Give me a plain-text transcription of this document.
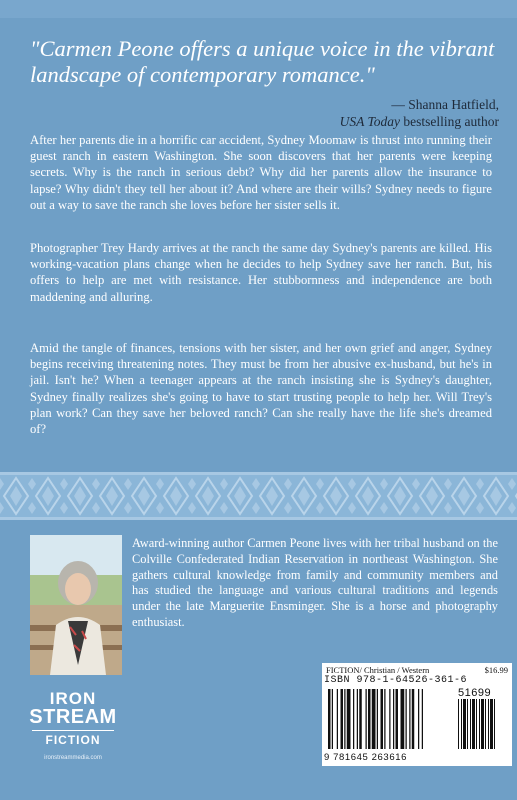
"Carmen Peone offers a unique voice in the vibrant landscape of contemporary romance."
— Shanna Hatfield,
USA Today bestselling author

After her parents die in a horrific car accident, Sydney Moomaw is thrust into running their guest ranch in eastern Washington. She soon discovers that her parents were keeping secrets. Why is the ranch in serious debt? Why did her parents allow the insurance to lapse? Why didn't they tell her about it? And where are their wills? Sydney needs to figure out a way to save the ranch she loves before her sister sells it.

Photographer Trey Hardy arrives at the ranch the same day Sydney's parents are killed. His working-vacation plans change when he decides to help Sydney save her ranch. But, his offers to help are met with resistance. Her stubbornness and independence are both maddening and alluring.

Amid the tangle of finances, tensions with her sister, and her own grief and anger, Sydney begins receiving threatening notes. They must be from her abusive ex-husband, but he's in jail. Isn't he? When a teenager appears at the ranch insisting she is Sydney's daughter, Sydney finally realizes she's going to have to start trusting people to help her. Will Trey's plan work? Can they save her beloved ranch? Can she really have the life she's dreamed of?

Award-winning author Carmen Peone lives with her tribal husband on the Colville Confederated Indian Reservation in northeast Washington. She gathers cultural knowledge from family and community members and has studied the language and various cultural traditions and legends under the late Marguerite Ensminger. She is a horse and photography enthusiast.

IRON
STREAM
FICTION
ironstreammedia.com
FICTION/ Christian / Western	$16.99
ISBN 978-1-64526-361-6
51699
9 781645 263616
